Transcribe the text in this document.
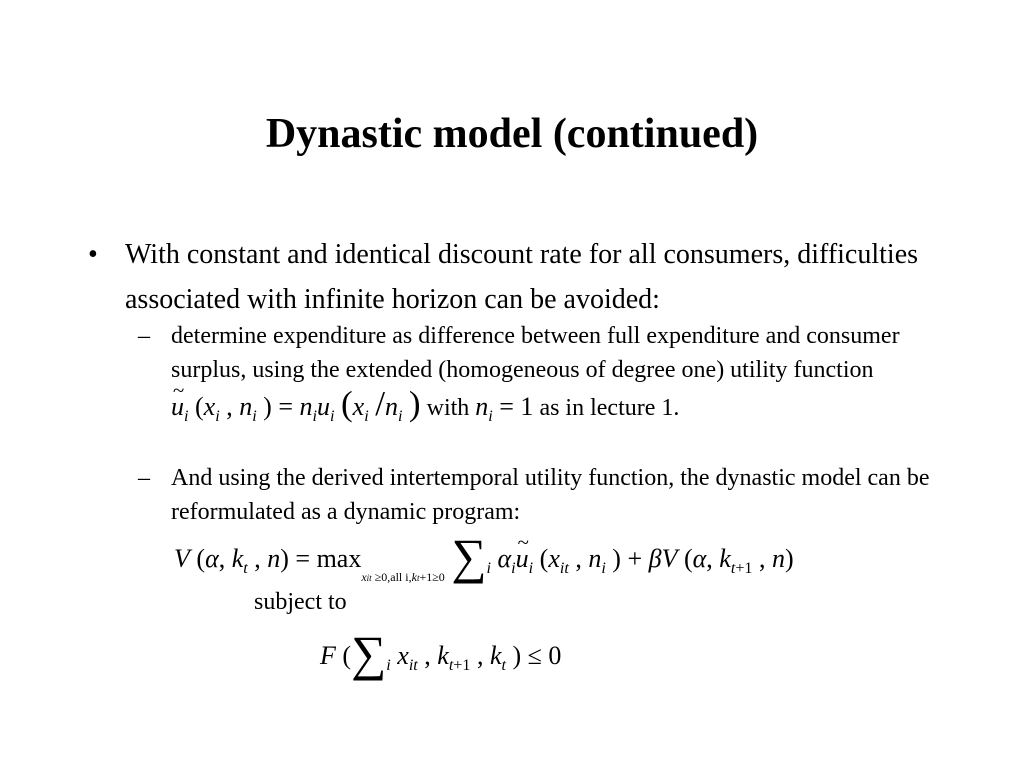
Dynastic model (continued)
• With constant and identical discount rate for all consumers, difficulties associated with infinite horizon can be avoided:
– determine expenditure as difference between full expenditure and consumer surplus, using the extended (homogeneous of degree one) utility function ~ $u_i$ ($x_i$ , $n_i$ ) = $n_iu_i$ ($x_i$ $/n_i$ ) with $n_i = 1$ as in lecture 1.
– And using the derived intertemporal utility function, the dynastic model can be reformulated as a dynamic program:
V (α, $k_t$ , $n) = \max_{xit \ge 0,all i,kt+1\ge 0} \sum_i$ $\alpha_i\sim$ $u_i$ ($x_{it}$ , $n_i$ ) + βV (α, $k_{t+1}$ , n)
subject to
F ($\sum_i$ $x_{it}$ , $k_{t+1}$ , $k_t$ ) ≤ 0
